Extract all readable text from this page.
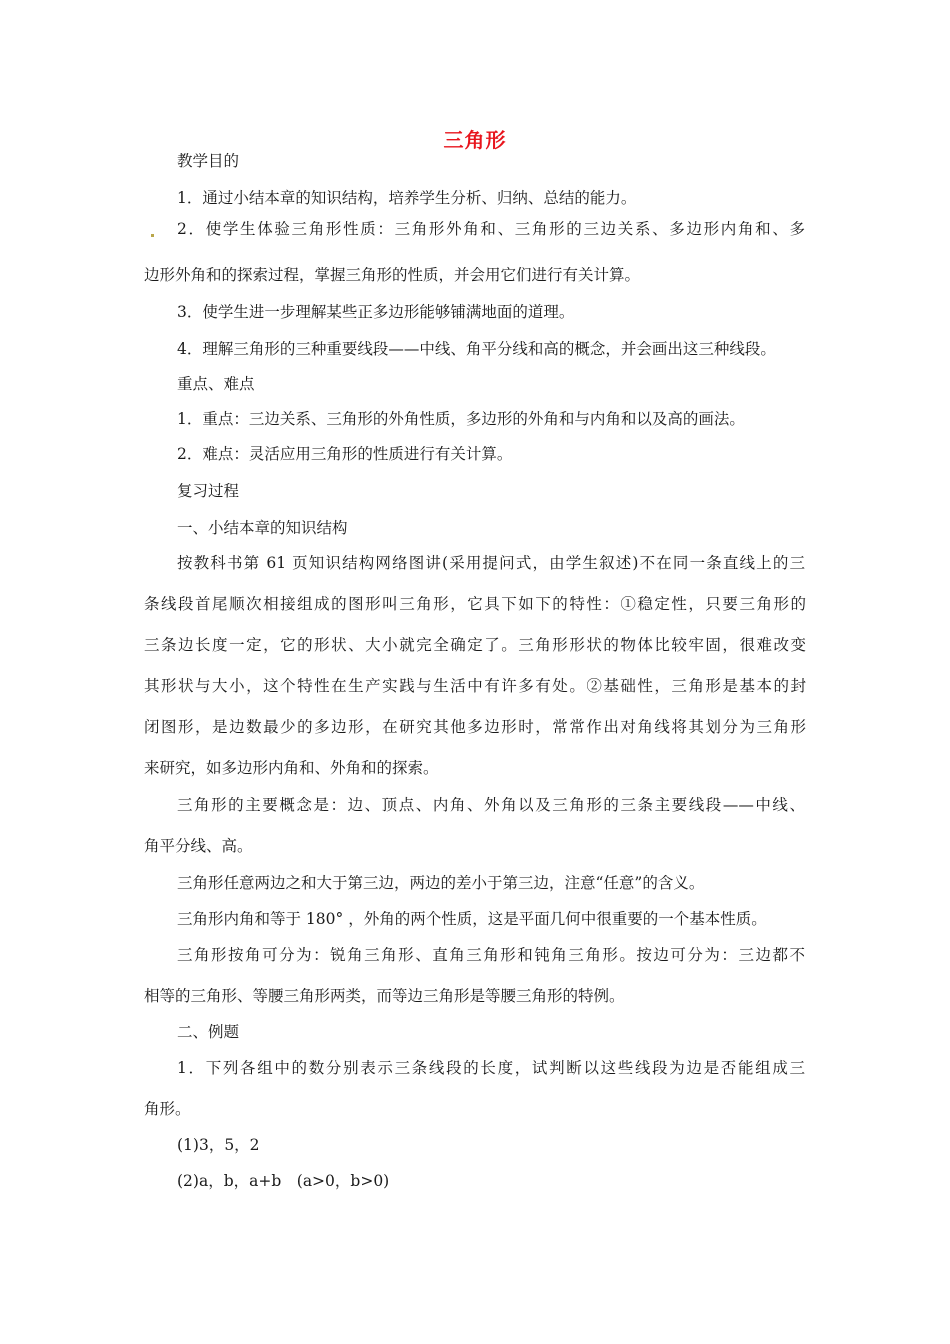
三角形
教学目的
1．通过小结本章的知识结构，培养学生分析、归纳、总结的能力。
2．使学生体验三角形性质：三角形外角和、三角形的三边关系、多边形内角和、多
边形外角和的探索过程，掌握三角形的性质，并会用它们进行有关计算。
3．使学生进一步理解某些正多边形能够铺满地面的道理。
4．理解三角形的三种重要线段——中线、角平分线和高的概念，并会画出这三种线段。
重点、难点
1．重点：三边关系、三角形的外角性质，多边形的外角和与内角和以及高的画法。
2．难点：灵活应用三角形的性质进行有关计算。
复习过程
一、小结本章的知识结构
按教科书第 61 页知识结构网络图讲(采用提问式，由学生叙述)不在同一条直线上的三
条线段首尾顺次相接组成的图形叫三角形，它具下如下的特性：①稳定性，只要三角形的
三条边长度一定，它的形状、大小就完全确定了。三角形形状的物体比较牢固，很难改变
其形状与大小，这个特性在生产实践与生活中有许多有处。②基础性，三角形是基本的封
闭图形，是边数最少的多边形，在研究其他多边形时，常常作出对角线将其划分为三角形
来研究，如多边形内角和、外角和的探索。
三角形的主要概念是：边、顶点、内角、外角以及三角形的三条主要线段——中线、
角平分线、高。
三角形任意两边之和大于第三边，两边的差小于第三边，注意“任意”的含义。
三角形内角和等于 180° ，外角的两个性质，这是平面几何中很重要的一个基本性质。
三角形按角可分为：锐角三角形、直角三角形和钝角三角形。按边可分为：三边都不
相等的三角形、等腰三角形两类，而等边三角形是等腰三角形的特例。
二、例题
1．下列各组中的数分别表示三条线段的长度，试判断以这些线段为边是否能组成三
角形。
(1)3，5，2
(2)a，b，a+b　(a>0，b>0)
